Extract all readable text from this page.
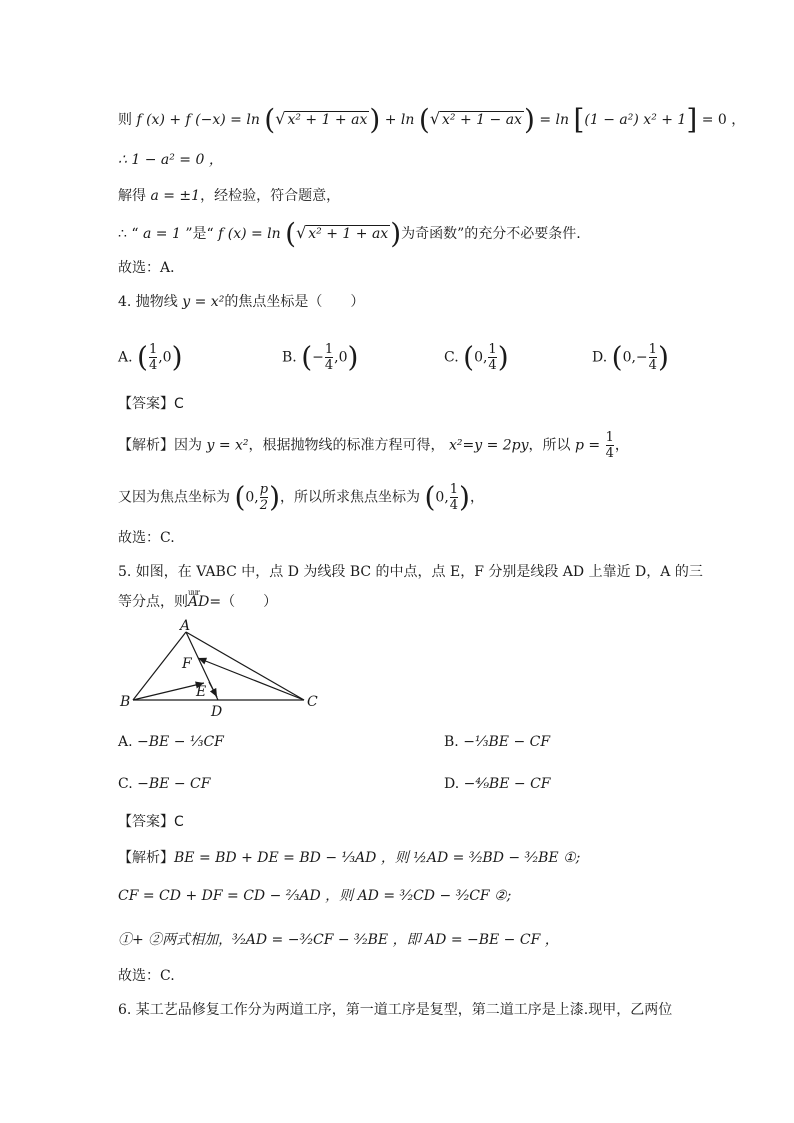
则 f (x) + f (−x) = ln (√ x² + 1 + ax) + ln (√ x² + 1 − ax) = ln [(1 − a²) x² + 1] = 0 ，
∴ 1 − a² = 0 ，
解得 a = ±1，经检验，符合题意，
∴ “ a = 1 ”是“ f (x) = ln (√ x² + 1 + ax)为奇函数”的充分不必要条件.
故选：A．
4. 抛物线 y = x²的焦点坐标是（　　）
A. ( $\frac{1}{4} ,0$)	B. (− $\frac{1}{4} ,0$)	C. (0, $\frac{1}{4}$ )	D. ($0,- \frac{1}{4}$ )
【答案】C
【解析】因为 y = x²，根据抛物线的标准方程可得， x²=y = 2py，所以 $p = \frac{1}{4}$ ，
又因为焦点坐标为 (0, $\frac{p}{2}$ )，所以所求焦点坐标为 (0, $\frac{1}{4}$ )，
故选：C.
5. 如图，在 VABC 中，点 D 为线段 BC 的中点，点 E，F 分别是线段 AD 上靠近 D，A 的三
等分点，则uur AD=（　　）
A
B	C
D
E
F
A. −BE − ⅓CF	B. −⅓BE − CF
C. −BE − CF	D. −⁴⁄₉BE − CF
【答案】C
【解析】BE = BD + DE = BD − ⅓AD ，则 ½AD = ³⁄₂BD − ³⁄₂BE ①;
CF = CD + DF = CD − ⅔AD ，则 AD = ³⁄₂CD − ³⁄₂CF ②;
①+ ②两式相加，³⁄₂AD = −³⁄₂CF − ³⁄₂BE ，即 AD = −BE − CF ，
故选：C.
6. 某工艺品修复工作分为两道工序，第一道工序是复型，第二道工序是上漆.现甲，乙两位
